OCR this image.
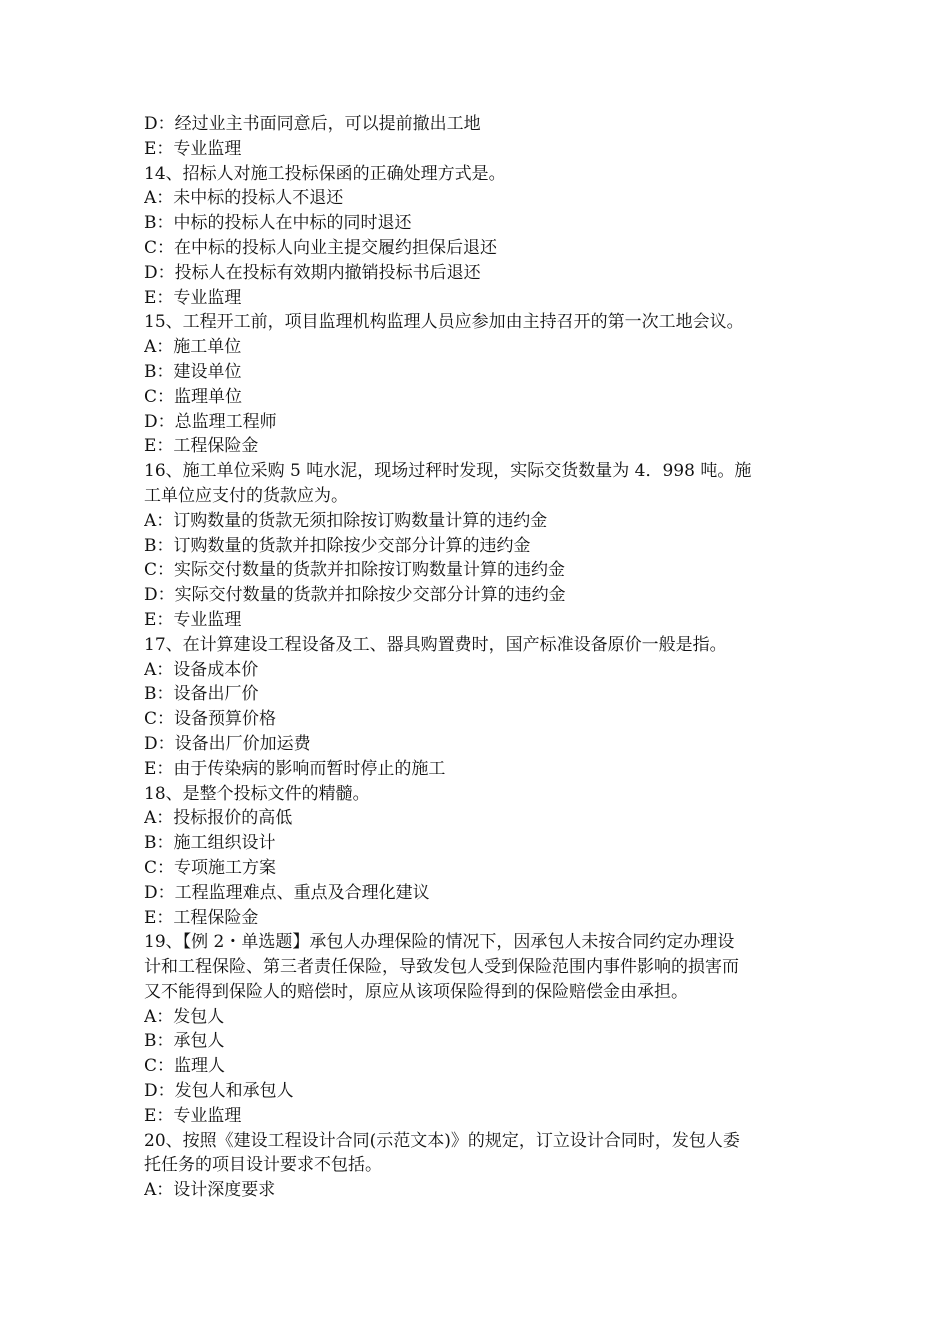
D：经过业主书面同意后，可以提前撤出工地
E：专业监理
14、招标人对施工投标保函的正确处理方式是。
A：未中标的投标人不退还
B：中标的投标人在中标的同时退还
C：在中标的投标人向业主提交履约担保后退还
D：投标人在投标有效期内撤销投标书后退还
E：专业监理
15、工程开工前，项目监理机构监理人员应参加由主持召开的第一次工地会议。
A：施工单位
B：建设单位
C：监理单位
D：总监理工程师
E：工程保险金
16、施工单位采购 5 吨水泥，现场过秤时发现，实际交货数量为 4．998 吨。施
工单位应支付的货款应为。
A：订购数量的货款无须扣除按订购数量计算的违约金
B：订购数量的货款并扣除按少交部分计算的违约金
C：实际交付数量的货款并扣除按订购数量计算的违约金
D：实际交付数量的货款并扣除按少交部分计算的违约金
E：专业监理
17、在计算建设工程设备及工、器具购置费时，国产标准设备原价一般是指。
A：设备成本价
B：设备出厂价
C：设备预算价格
D：设备出厂价加运费
E：由于传染病的影响而暂时停止的施工
18、是整个投标文件的精髓。
A：投标报价的高低
B：施工组织设计
C：专项施工方案
D：工程监理难点、重点及合理化建议
E：工程保险金
19、【例 2・单选题】承包人办理保险的情况下，因承包人未按合同约定办理设
计和工程保险、第三者责任保险，导致发包人受到保险范围内事件影响的损害而
又不能得到保险人的赔偿时，原应从该项保险得到的保险赔偿金由承担。
A：发包人
B：承包人
C：监理人
D：发包人和承包人
E：专业监理
20、按照《建设工程设计合同(示范文本)》的规定，订立设计合同时，发包人委
托任务的项目设计要求不包括。
A：设计深度要求
